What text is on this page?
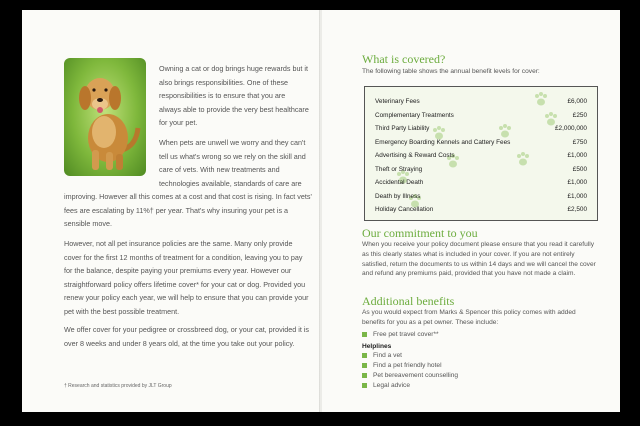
Owning a cat or dog brings huge rewards but it also brings responsibilities. One of these responsibilities is to ensure that you are always able to provide the very best healthcare for your pet.
When pets are unwell we worry and they can't tell us what's wrong so we rely on the skill and care of vets. With new treatments and technologies available, standards of care are
improving. However all this comes at a cost and that cost is rising. In fact vets' fees are escalating by 11%† per year. That's why insuring your pet is a sensible move.
However, not all pet insurance policies are the same. Many only provide cover for the first 12 months of treatment for a condition, leaving you to pay for the balance, despite paying your premiums every year. However our straightforward policy offers lifetime cover* for your cat or dog. Provided you renew your policy each year, we will help to ensure that you can provide your pet with the best possible treatment.
We offer cover for your pedigree or crossbreed dog, or your cat, provided it is over 8 weeks and under 8 years old, at the time you take out your policy.
† Research and statistics provided by JLT Group
What is covered?
The following table shows the annual benefit levels for cover:
Veterinary Fees	£6,000
Complementary Treatments	£250
Third Party Liability	£2,000,000
Emergency Boarding Kennels and Cattery Fees	£750
Advertising & Reward Costs	£1,000
Theft or Straying	£500
Accidental Death	£1,000
Death by Illness	£1,000
Holiday Cancellation	£2,500
Our commitment to you
When you receive your policy document please ensure that you read it carefully as this clearly states what is included in your cover. If you are not entirely satisfied, return the documents to us within 14 days and we will cancel the cover and refund any premiums paid, provided that you have not made a claim.
Additional benefits
As you would expect from Marks & Spencer this policy comes with added benefits for you as a pet owner. These include:
Free pet travel cover**
Helplines
Find a vet
Find a pet friendly hotel
Pet bereavement counselling
Legal advice
